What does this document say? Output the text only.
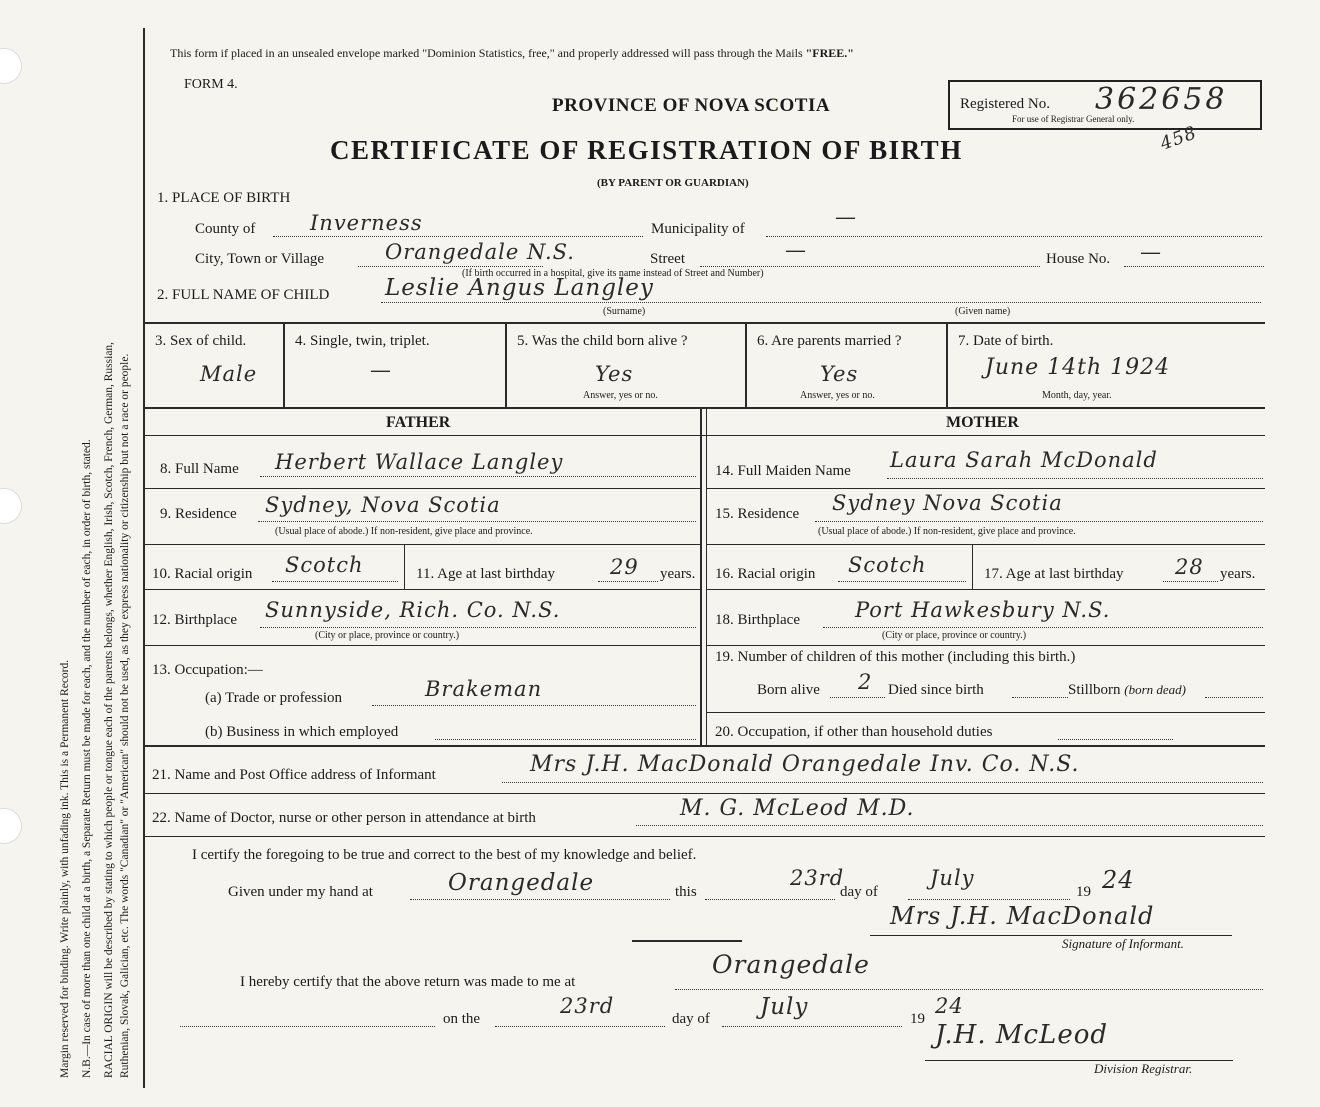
Margin reserved for binding. Write plainly, with unfading ink. This is a Permanent Record. N.B.—In case of more than one child at a birth, a Separate Return must be made for each, and the number of each, in order of birth, stated. RACIAL ORIGIN will be described by stating to which people or tongue each of the parents belongs, whether English, Irish, Scotch, French, German, Russian, Ruthenian, Slovak, Galician, etc. The words "Canadian" or "American" should not be used, as they express nationality or citizenship but not a race or people.
This form if placed in an unsealed envelope marked "Dominion Statistics, free," and properly addressed will pass through the Mails "FREE."
FORM 4.
PROVINCE OF NOVA SCOTIA
CERTIFICATE OF REGISTRATION OF BIRTH
(BY PARENT OR GUARDIAN)
Registered No. 362658
For use of Registrar General only.
458
1. PLACE OF BIRTH
County of	Inverness	Municipality of	—
City, Town or Village	Orangedale N.S.	Street	—	House No. —
(If birth occurred in a hospital, give its name instead of Street and Number)
2. FULL NAME OF CHILD Leslie Angus Langley
(Surname)	(Given name)
3. Sex of child.
Male
4. Single, twin, triplet.
—
5. Was the child born alive ?
Yes
Answer, yes or no.
6. Are parents married ?
Yes
Answer, yes or no.
7. Date of birth.
June 14th 1924
Month, day, year.
FATHER	MOTHER
8. Full Name Herbert Wallace Langley
9. Residence Sydney, Nova Scotia
(Usual place of abode.) If non-resident, give place and province.
10. Racial origin Scotch	11. Age at last birthday	29 years.
12. Birthplace Sunnyside, Rich. Co. N.S.
(City or place, province or country.)
13. Occupation:—
(a) Trade or profession	Brakeman
(b) Business in which employed
14. Full Maiden Name Laura Sarah McDonald
15. Residence Sydney Nova Scotia
(Usual place of abode.) If non-resident, give place and province.
16. Racial origin Scotch	17. Age at last birthday 28 years.
18. Birthplace	Port Hawkesbury N.S.
(City or place, province or country.)
19. Number of children of this mother (including this birth.)
Born alive 2 Died since birth	Stillborn (born dead)
20. Occupation, if other than household duties
21. Name and Post Office address of Informant	Mrs J.H. MacDonald Orangedale Inv. Co. N.S.
22. Name of Doctor, nurse or other person in attendance at birth	M. G. McLeod M.D.
I certify the foregoing to be true and correct to the best of my knowledge and belief.
Given under my hand at	Orangedale	this
23rd
day of
July
19 24
Mrs J.H. MacDonald
Signature of Informant.
I hereby certify that the above return was made to me at
Orangedale
on the
23rd
day of July	19
24
J.H. McLeod
Division Registrar.
